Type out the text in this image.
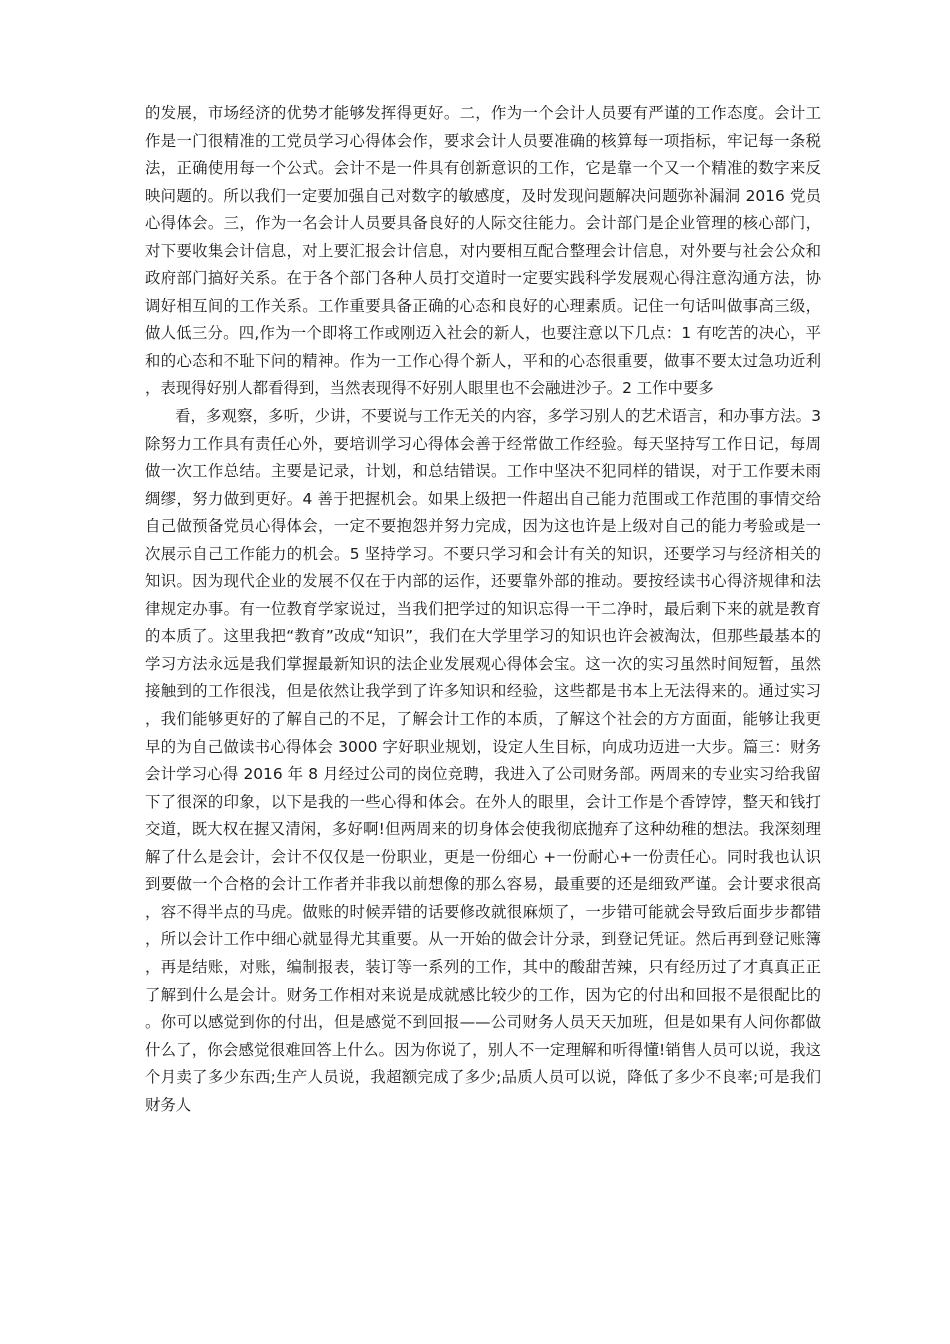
的发展，市场经济的优势才能够发挥得更好。二，作为一个会计人员要有严谨的工作态度。会计工作是一门很精准的工党员学习心得体会作，要求会计人员要准确的核算每一项指标，牢记每一条税法，正确使用每一个公式。会计不是一件具有创新意识的工作，它是靠一个又一个精准的数字来反映问题的。所以我们一定要加强自己对数字的敏感度，及时发现问题解决问题弥补漏洞 2016 党员心得体会。三，作为一名会计人员要具备良好的人际交往能力。会计部门是企业管理的核心部门，对下要收集会计信息，对上要汇报会计信息，对内要相互配合整理会计信息，对外要与社会公众和政府部门搞好关系。在于各个部门各种人员打交道时一定要实践科学发展观心得注意沟通方法，协调好相互间的工作关系。工作重要具备正确的心态和良好的心理素质。记住一句话叫做事高三级，做人低三分。四,作为一个即将工作或刚迈入社会的新人，也要注意以下几点：1 有吃苦的决心，平和的心态和不耻下问的精神。作为一工作心得个新人，平和的心态很重要，做事不要太过急功近利，表现得好别人都看得到，当然表现得不好别人眼里也不会融进沙子。2 工作中要多

看，多观察，多听，少讲，不要说与工作无关的内容，多学习别人的艺术语言，和办事方法。3 除努力工作具有责任心外，要培训学习心得体会善于经常做工作经验。每天坚持写工作日记，每周做一次工作总结。主要是记录，计划，和总结错误。工作中坚决不犯同样的错误，对于工作要未雨绸缪，努力做到更好。4 善于把握机会。如果上级把一件超出自己能力范围或工作范围的事情交给自己做预备党员心得体会，一定不要抱怨并努力完成，因为这也许是上级对自己的能力考验或是一次展示自己工作能力的机会。5 坚持学习。不要只学习和会计有关的知识，还要学习与经济相关的知识。因为现代企业的发展不仅在于内部的运作，还要靠外部的推动。要按经读书心得济规律和法律规定办事。有一位教育学家说过，当我们把学过的知识忘得一干二净时，最后剩下来的就是教育的本质了。这里我把“教育”改成“知识”，我们在大学里学习的知识也许会被淘汰，但那些最基本的学习方法永远是我们掌握最新知识的法企业发展观心得体会宝。这一次的实习虽然时间短暂，虽然接触到的工作很浅，但是依然让我学到了许多知识和经验，这些都是书本上无法得来的。通过实习，我们能够更好的了解自己的不足，了解会计工作的本质，了解这个社会的方方面面，能够让我更早的为自己做读书心得体会 3000 字好职业规划，设定人生目标，向成功迈进一大步。篇三：财务会计学习心得 2016 年 8 月经过公司的岗位竞聘，我进入了公司财务部。两周来的专业实习给我留下了很深的印象，以下是我的一些心得和体会。在外人的眼里，会计工作是个香饽饽，整天和钱打交道，既大权在握又清闲，多好啊!但两周来的切身体会使我彻底抛弃了这种幼稚的想法。我深刻理解了什么是会计，会计不仅仅是一份职业，更是一份细心 +一份耐心+一份责任心。同时我也认识到要做一个合格的会计工作者并非我以前想像的那么容易，最重要的还是细致严谨。会计要求很高，容不得半点的马虎。做账的时候弄错的话要修改就很麻烦了，一步错可能就会导致后面步步都错，所以会计工作中细心就显得尤其重要。从一开始的做会计分录，到登记凭证。然后再到登记账簿，再是结账，对账，编制报表，装订等一系列的工作，其中的酸甜苦辣，只有经历过了才真真正正了解到什么是会计。财务工作相对来说是成就感比较少的工作，因为它的付出和回报不是很配比的。你可以感觉到你的付出，但是感觉不到回报——公司财务人员天天加班，但是如果有人问你都做什么了，你会感觉很难回答上什么。因为你说了，别人不一定理解和听得懂!销售人员可以说，我这个月卖了多少东西;生产人员说，我超额完成了多少;品质人员可以说，降低了多少不良率;可是我们财务人
